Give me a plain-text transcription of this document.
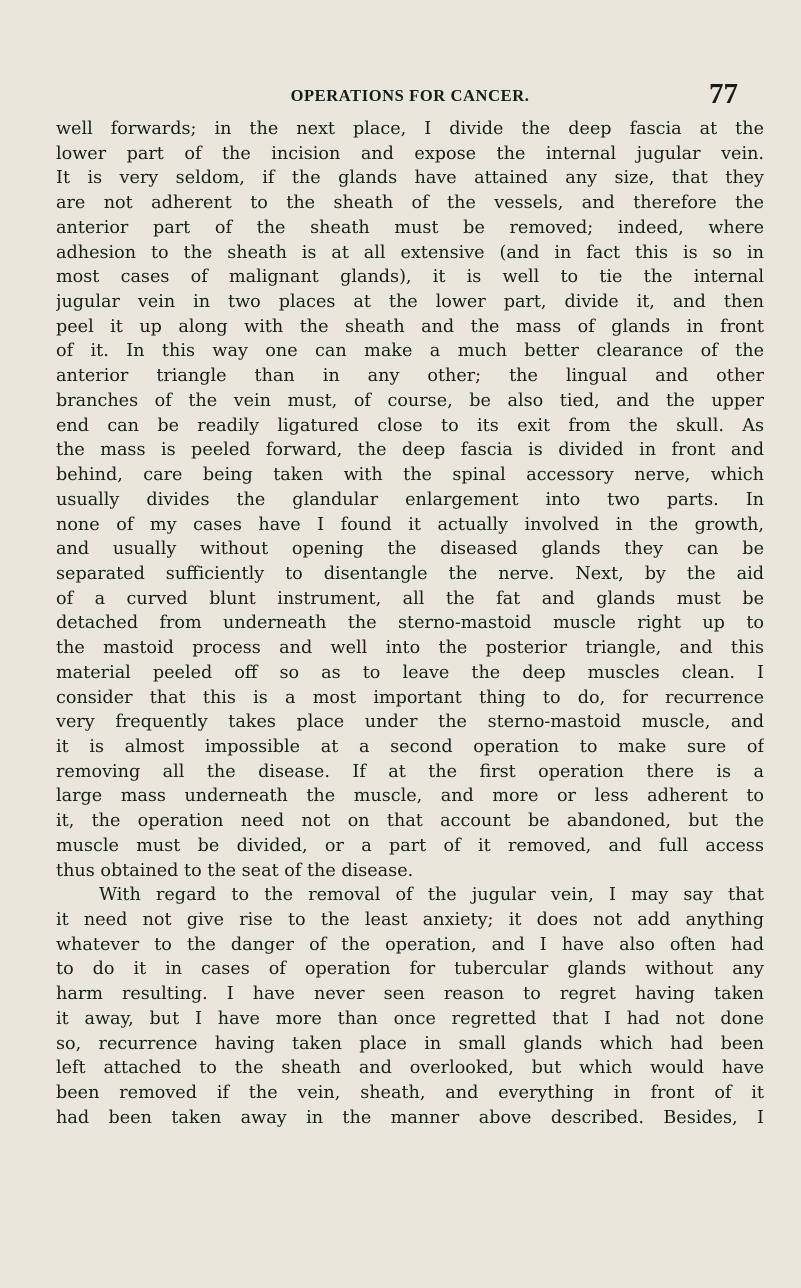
OPERATIONS FOR CANCER.	77
well forwards; in the next place, I divide the deep fascia at the
lower part of the incision and expose the internal jugular vein.
It is very seldom, if the glands have attained any size, that they
are not adherent to the sheath of the vessels, and therefore the
anterior part of the sheath must be removed; indeed, where
adhesion to the sheath is at all extensive (and in fact this is so in
most cases of malignant glands), it is well to tie the internal
jugular vein in two places at the lower part, divide it, and then
peel it up along with the sheath and the mass of glands in front
of it. In this way one can make a much better clearance of the
anterior triangle than in any other; the lingual and other
branches of the vein must, of course, be also tied, and the upper
end can be readily ligatured close to its exit from the skull. As
the mass is peeled forward, the deep fascia is divided in front and
behind, care being taken with the spinal accessory nerve, which
usually divides the glandular enlargement into two parts. In
none of my cases have I found it actually involved in the growth,
and usually without opening the diseased glands they can be
separated sufficiently to disentangle the nerve. Next, by the aid
of a curved blunt instrument, all the fat and glands must be
detached from underneath the sterno-mastoid muscle right up to
the mastoid process and well into the posterior triangle, and this
material peeled off so as to leave the deep muscles clean. I
consider that this is a most important thing to do, for recurrence
very frequently takes place under the sterno-mastoid muscle, and
it is almost impossible at a second operation to make sure of
removing all the disease. If at the first operation there is a
large mass underneath the muscle, and more or less adherent to
it, the operation need not on that account be abandoned, but the
muscle must be divided, or a part of it removed, and full access
thus obtained to the seat of the disease.
With regard to the removal of the jugular vein, I may say that
it need not give rise to the least anxiety; it does not add anything
whatever to the danger of the operation, and I have also often had
to do it in cases of operation for tubercular glands without any
harm resulting. I have never seen reason to regret having taken
it away, but I have more than once regretted that I had not done
so, recurrence having taken place in small glands which had been
left attached to the sheath and overlooked, but which would have
been removed if the vein, sheath, and everything in front of it
had been taken away in the manner above described. Besides, I
